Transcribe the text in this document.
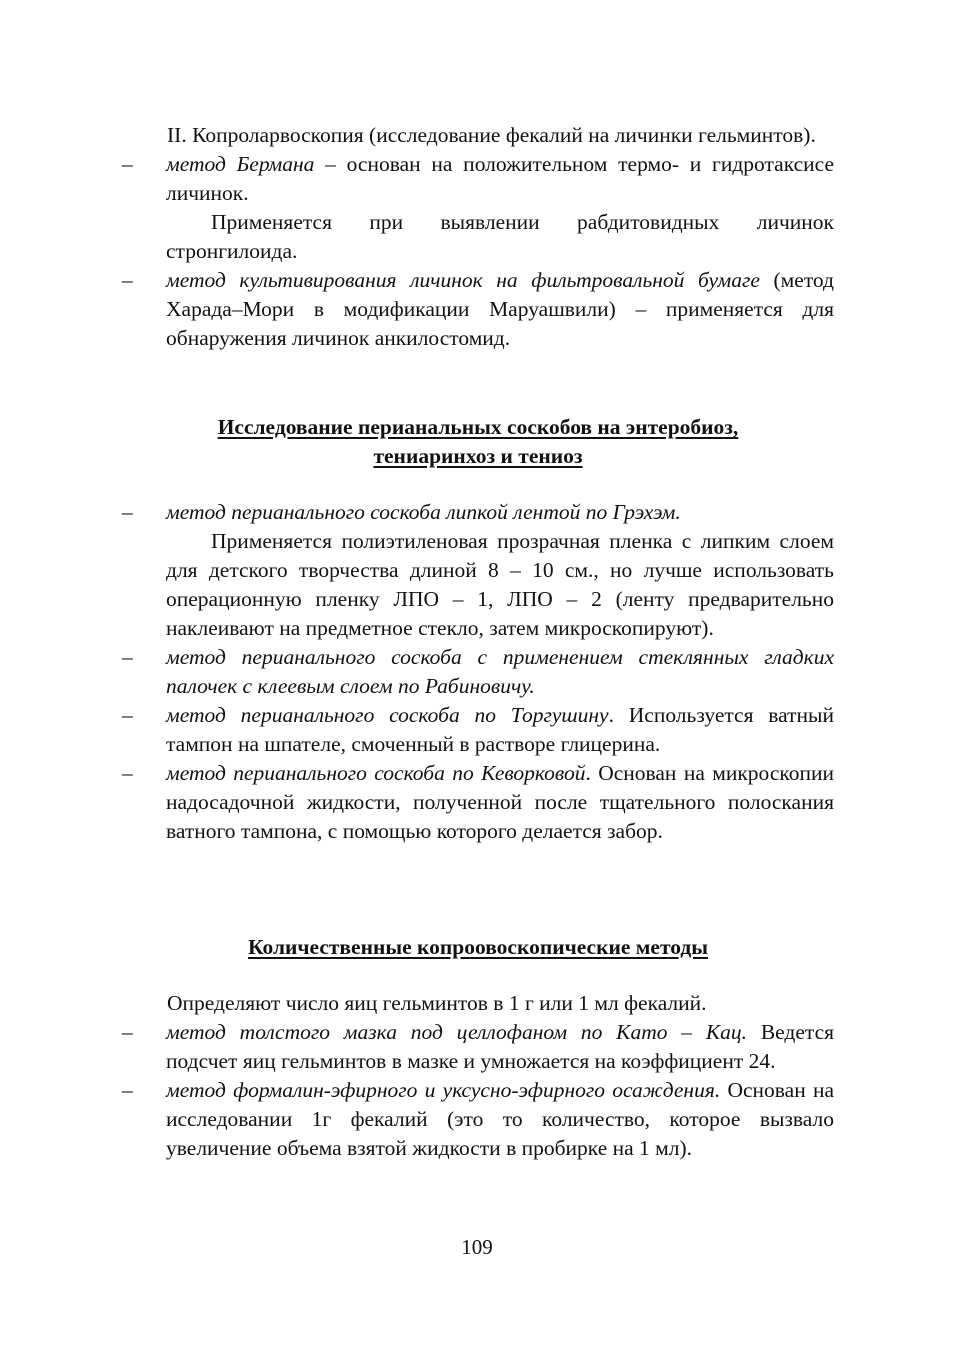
II. Копроларвоскопия (исследование фекалий на личинки гельминтов).

– метод Бермана – основан на положительном термо- и гидротаксисе личинок.

Применяется при выявлении рабдитовидных личинок стронгилоида.

– метод культивирования личинок на фильтровальной бумаге (метод Харада–Мори в модификации Маруашвили) – применяется для обнаружения личинок анкилостомид.

Исследование перианальных соскобов на энтеробиоз,
тениаринхоз и тениоз
– метод перианального соскоба липкой лентой по Грэхэм.

Применяется полиэтиленовая прозрачная пленка с липким слоем для детского творчества длиной 8 – 10 см., но лучше использовать операционную пленку ЛПО – 1, ЛПО – 2 (ленту предварительно наклеивают на предметное стекло, затем микроскопируют).

– метод перианального соскоба с применением стеклянных гладких палочек с клеевым слоем по Рабиновичу.

– метод перианального соскоба по Торгушину. Используется ватный тампон на шпателе, смоченный в растворе глицерина.

– метод перианального соскоба по Кеворковой. Основан на микроскопии надосадочной жидкости, полученной после тщательного полоскания ватного тампона, с помощью которого делается забор.

Количественные копроовоскопические методы

Определяют число яиц гельминтов в 1 г или 1 мл фекалий.

– метод толстого мазка под целлофаном по Като – Кац. Ведется подсчет яиц гельминтов в мазке и умножается на коэффициент 24.

– метод формалин-эфирного и уксусно-эфирного осаждения. Основан на исследовании 1г фекалий (это то количество, которое вызвало увеличение объема взятой жидкости в пробирке на 1 мл).

109
